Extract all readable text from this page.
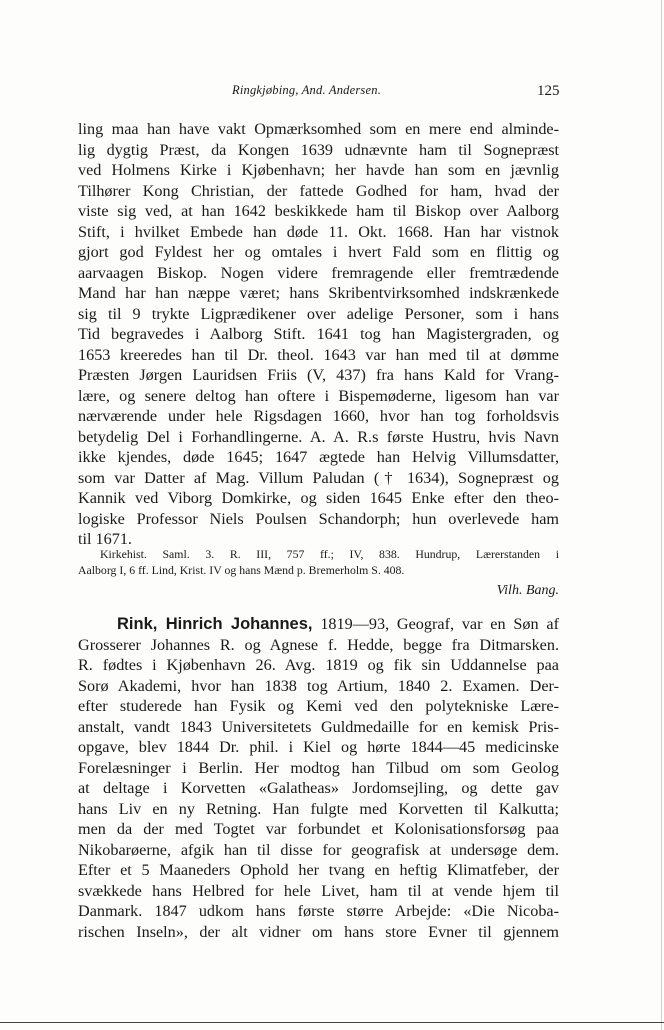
Ringkjøbing, And. Andersen.	125
ling maa han have vakt Opmærksomhed som en mere end alminde-
lig dygtig Præst, da Kongen 1639 udnævnte ham til Sognepræst
ved Holmens Kirke i Kjøbenhavn; her havde han som en jævnlig
Tilhører Kong Christian, der fattede Godhed for ham, hvad der
viste sig ved, at han 1642 beskikkede ham til Biskop over Aalborg
Stift, i hvilket Embede han døde 11. Okt. 1668. Han har vistnok
gjort god Fyldest her og omtales i hvert Fald som en flittig og
aarvaagen Biskop. Nogen videre fremragende eller fremtrædende
Mand har han næppe været; hans Skribentvirksomhed indskrænkede
sig til 9 trykte Ligprædikener over adelige Personer, som i hans
Tid begravedes i Aalborg Stift. 1641 tog han Magistergraden, og
1653 kreeredes han til Dr. theol. 1643 var han med til at dømme
Præsten Jørgen Lauridsen Friis (V, 437) fra hans Kald for Vrang-
lære, og senere deltog han oftere i Bispemøderne, ligesom han var
nærværende under hele Rigsdagen 1660, hvor han tog forholdsvis
betydelig Del i Forhandlingerne. A. A. R.s første Hustru, hvis Navn
ikke kjendes, døde 1645; 1647 ægtede han Helvig Villumsdatter,
som var Datter af Mag. Villum Paludan († 1634), Sognepræst og
Kannik ved Viborg Domkirke, og siden 1645 Enke efter den theo-
logiske Professor Niels Poulsen Schandorph; hun overlevede ham
til 1671.
Kirkehist. Saml. 3. R. III, 757 ff.; IV, 838. Hundrup, Lærerstanden i
Aalborg I, 6 ff. Lind, Krist. IV og hans Mænd p. Bremerholm S. 408.
Vilh. Bang.
Rink, Hinrich Johannes, 1819—93, Geograf, var en Søn af
Grosserer Johannes R. og Agnese f. Hedde, begge fra Ditmarsken.
R. fødtes i Kjøbenhavn 26. Avg. 1819 og fik sin Uddannelse paa
Sorø Akademi, hvor han 1838 tog Artium, 1840 2. Examen. Der-
efter studerede han Fysik og Kemi ved den polytekniske Lære-
anstalt, vandt 1843 Universitetets Guldmedaille for en kemisk Pris-
opgave, blev 1844 Dr. phil. i Kiel og hørte 1844—45 medicinske
Forelæsninger i Berlin. Her modtog han Tilbud om som Geolog
at deltage i Korvetten «Galatheas» Jordomsejling, og dette gav
hans Liv en ny Retning. Han fulgte med Korvetten til Kalkutta;
men da der med Togtet var forbundet et Kolonisationsforsøg paa
Nikobarøerne, afgik han til disse for geografisk at undersøge dem.
Efter et 5 Maaneders Ophold her tvang en heftig Klimatfeber, der
svækkede hans Helbred for hele Livet, ham til at vende hjem til
Danmark. 1847 udkom hans første større Arbejde: «Die Nicoba-
rischen Inseln», der alt vidner om hans store Evner til gjennem
